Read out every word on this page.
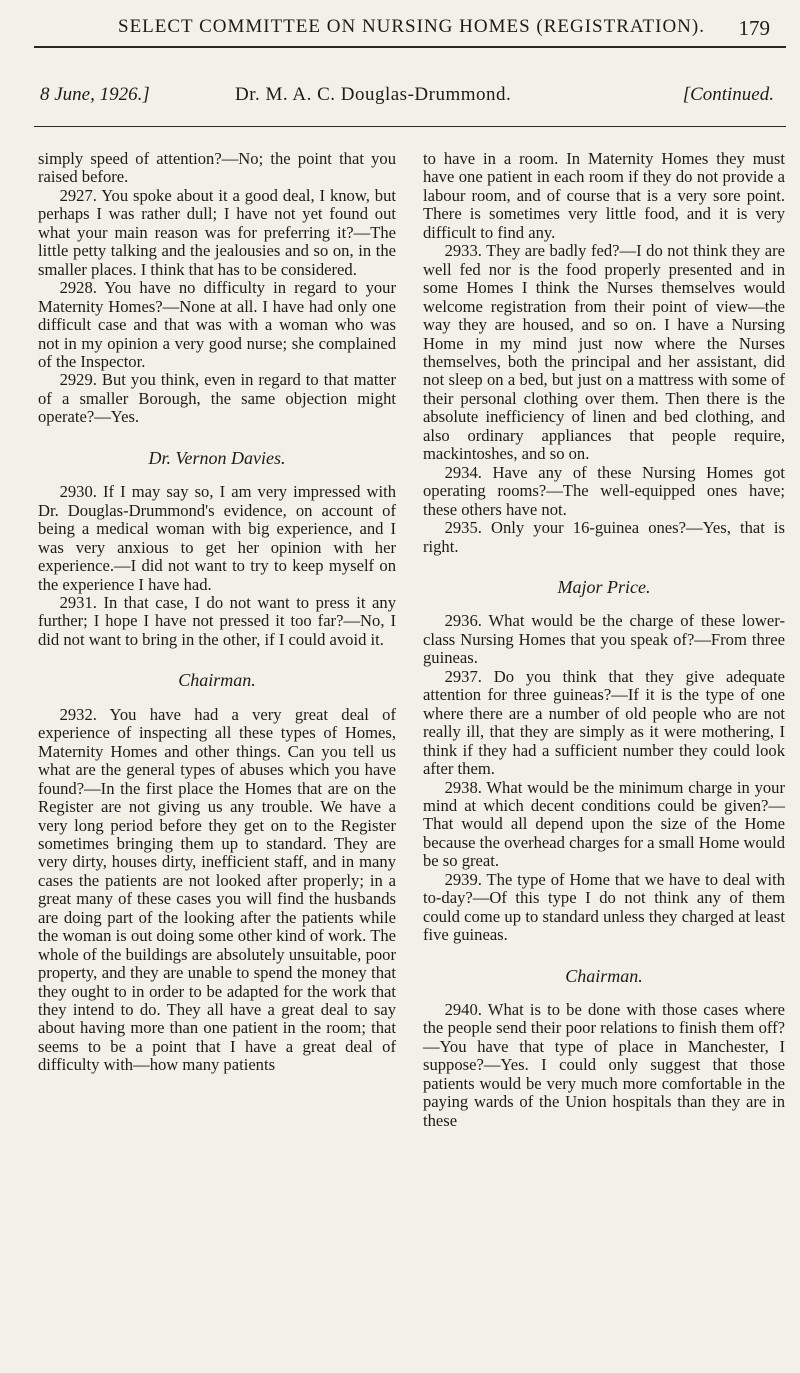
SELECT COMMITTEE ON NURSING HOMES (REGISTRATION). 179
8 June, 1926.]	Dr. M. A. C. Douglas-Drummond.	[Continued.

simply speed of attention?—No; the point that you raised before.

2927. You spoke about it a good deal, I know, but perhaps I was rather dull; I have not yet found out what your main reason was for preferring it?—The little petty talking and the jealousies and so on, in the smaller places. I think that has to be considered.

2928. You have no difficulty in regard to your Maternity Homes?—None at all. I have had only one difficult case and that was with a woman who was not in my opinion a very good nurse; she complained of the Inspector.

2929. But you think, even in regard to that matter of a smaller Borough, the same objection might operate?—Yes.

Dr. Vernon Davies.

2930. If I may say so, I am very impressed with Dr. Douglas-Drummond's evidence, on account of being a medical woman with big experience, and I was very anxious to get her opinion with her experience.—I did not want to try to keep myself on the experience I have had.

2931. In that case, I do not want to press it any further; I hope I have not pressed it too far?—No, I did not want to bring in the other, if I could avoid it.

Chairman.

2932. You have had a very great deal of experience of inspecting all these types of Homes, Maternity Homes and other things. Can you tell us what are the general types of abuses which you have found?—In the first place the Homes that are on the Register are not giving us any trouble. We have a very long period before they get on to the Register sometimes bringing them up to standard. They are very dirty, houses dirty, inefficient staff, and in many cases the patients are not looked after properly; in a great many of these cases you will find the husbands are doing part of the looking after the patients while the woman is out doing some other kind of work. The whole of the buildings are absolutely unsuitable, poor property, and they are unable to spend the money that they ought to in order to be adapted for the work that they intend to do. They all have a great deal to say about having more than one patient in the room; that seems to be a point that I have a great deal of difficulty with—how many patients

to have in a room. In Maternity Homes they must have one patient in each room if they do not provide a labour room, and of course that is a very sore point. There is sometimes very little food, and it is very difficult to find any.

2933. They are badly fed?—I do not think they are well fed nor is the food properly presented and in some Homes I think the Nurses themselves would welcome registration from their point of view—the way they are housed, and so on. I have a Nursing Home in my mind just now where the Nurses themselves, both the principal and her assistant, did not sleep on a bed, but just on a mattress with some of their personal clothing over them. Then there is the absolute inefficiency of linen and bed clothing, and also ordinary appliances that people require, mackintoshes, and so on.

2934. Have any of these Nursing Homes got operating rooms?—The well-equipped ones have; these others have not.

2935. Only your 16-guinea ones?—Yes, that is right.

Major Price.

2936. What would be the charge of these lower-class Nursing Homes that you speak of?—From three guineas.

2937. Do you think that they give adequate attention for three guineas?—If it is the type of one where there are a number of old people who are not really ill, that they are simply as it were mothering, I think if they had a sufficient number they could look after them.

2938. What would be the minimum charge in your mind at which decent conditions could be given?—That would all depend upon the size of the Home because the overhead charges for a small Home would be so great.

2939. The type of Home that we have to deal with to-day?—Of this type I do not think any of them could come up to standard unless they charged at least five guineas.

Chairman.

2940. What is to be done with those cases where the people send their poor relations to finish them off?—You have that type of place in Manchester, I suppose?—Yes. I could only suggest that those patients would be very much more comfortable in the paying wards of the Union hospitals than they are in these
